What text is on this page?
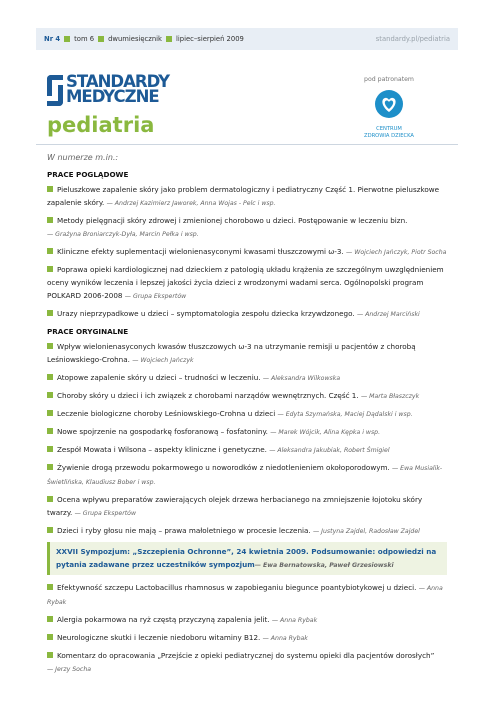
Nr 4 tom 6 dwumiesięcznik lipiec–sierpień 2009	standardy.pl/pediatria
STANDARDY
MEDYCZNE
pediatria
pod patronatem
CENTRUM
ZDROWIA DZIECKA
W numerze m.in.:
PRACE POGLĄDOWE
Pieluszkowe zapalenie skóry jako problem dermatologiczny i pediatryczny Część 1. Pierwotne pieluszkowe zapalenie skóry. — Andrzej Kazimierz Jaworek, Anna Wojas - Pelc i wsp.
Metody pielęgnacji skóry zdrowej i zmienionej chorobowo u dzieci. Postępowanie w leczeniu bizn.
— Grażyna Broniarczyk-Dyła, Marcin Pełka i wsp.
Kliniczne efekty suplementacji wielonienasyconymi kwasami tłuszczowymi ω-3. — Wojciech Jańczyk, Piotr Socha
Poprawa opieki kardiologicznej nad dzieckiem z patologią układu krążenia ze szczególnym uwzględnieniem oceny wyników leczenia i lepszej jakości życia dzieci z wrodzonymi wadami serca. Ogólnopolski program POLKARD 2006-2008 — Grupa Ekspertów
Urazy nieprzypadkowe u dzieci – symptomatologia zespołu dziecka krzywdzonego. — Andrzej Marciński
PRACE ORYGINALNE
Wpływ wielonienasyconych kwasów tłuszczowych ω-3 na utrzymanie remisji u pacjentów z chorobą Leśniowskiego-Crohna. — Wojciech Jańczyk
Atopowe zapalenie skóry u dzieci – trudności w leczeniu. — Aleksandra Wilkowska
Choroby skóry u dzieci i ich związek z chorobami narządów wewnętrznych. Część 1. — Marta Błaszczyk
Leczenie biologiczne choroby Leśniowskiego-Crohna u dzieci — Edyta Szymańska, Maciej Dądalski i wsp.
Nowe spojrzenie na gospodarkę fosforanową – fosfatoniny. — Marek Wójcik, Alina Kępka i wsp.
Zespół Mowata i Wilsona – aspekty kliniczne i genetyczne. — Aleksandra Jakubiak, Robert Śmigiel
Żywienie drogą przewodu pokarmowego u noworodków z niedotlenieniem okołoporodowym. — Ewa Musialik-Świetlińska, Klaudiusz Bober i wsp.
Ocena wpływu preparatów zawierających olejek drzewa herbacianego na zmniejszenie łojotoku skóry twarzy. — Grupa Ekspertów
Dzieci i ryby głosu nie mają – prawa małoletniego w procesie leczenia. — Justyna Zajdel, Radosław Zajdel
XXVII Sympozjum: „Szczepienia Ochronne”, 24 kwietnia 2009. Podsumowanie: odpowiedzi na pytania zadawane przez uczestników sympozjum— Ewa Bernatowska, Paweł Grzesiowski
Efektywność szczepu Lactobacillus rhamnosus w zapobieganiu biegunce poantybiotykowej u dzieci. — Anna Rybak
Alergia pokarmowa na ryż częstą przyczyną zapalenia jelit. — Anna Rybak
Neurologiczne skutki i leczenie niedoboru witaminy B12. — Anna Rybak
Komentarz do opracowania „Przejście z opieki pediatrycznej do systemu opieki dla pacjentów dorosłych”
— Jerzy Socha
